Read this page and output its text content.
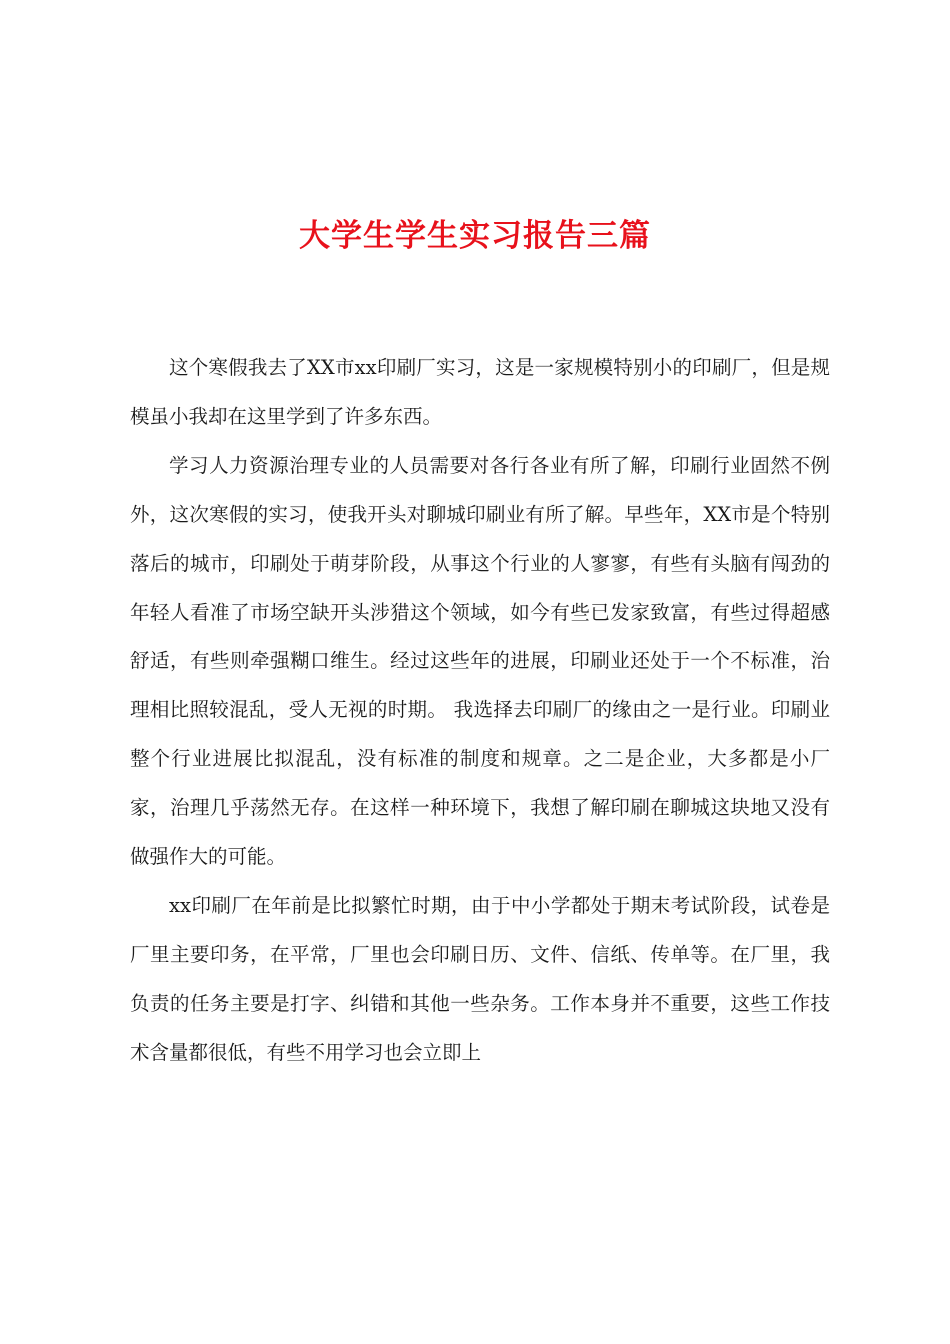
大学生学生实习报告三篇

这个寒假我去了XX市xx印刷厂实习，这是一家规模特别小的印刷厂，但是规模虽小我却在这里学到了许多东西。

学习人力资源治理专业的人员需要对各行各业有所了解，印刷行业固然不例外，这次寒假的实习，使我开头对聊城印刷业有所了解。早些年，XX市是个特别落后的城市，印刷处于萌芽阶段，从事这个行业的人寥寥，有些有头脑有闯劲的年轻人看准了市场空缺开头涉猎这个领域，如今有些已发家致富，有些过得超感舒适，有些则牵强糊口维生。经过这些年的进展，印刷业还处于一个不标准，治理相比照较混乱，受人无视的时期。 我选择去印刷厂的缘由之一是行业。印刷业整个行业进展比拟混乱，没有标准的制度和规章。之二是企业，大多都是小厂家，治理几乎荡然无存。在这样一种环境下，我想了解印刷在聊城这块地又没有做强作大的可能。

xx印刷厂在年前是比拟繁忙时期，由于中小学都处于期末考试阶段，试卷是厂里主要印务，在平常，厂里也会印刷日历、文件、信纸、传单等。在厂里，我负责的任务主要是打字、纠错和其他一些杂务。工作本身并不重要，这些工作技术含量都很低，有些不用学习也会立即上
